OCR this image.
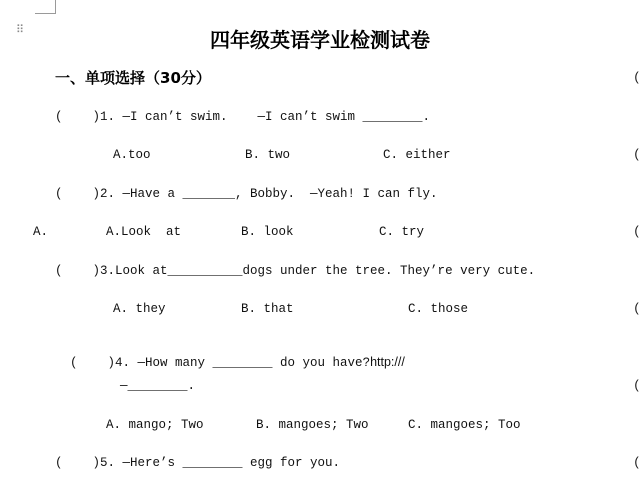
⠿	四年级英语学业检测试卷
一、单项选择（30分）
(    )1. —I can’t swim.    —I can’t swim ________.
A.too	B. two	C. either
(    )2. —Have a _______, Bobby.  —Yeah! I can fly.
A.	A.Look  at	B. look	C. try
(    )3.Look at__________dogs under the tree. They’re very cute.
A. they	B. that	C. those

(    )4. —How many ________ do you have?http:///

—________.
A. mango; Two	B. mangoes; Two	C. mangoes; Too
(    )5. —Here’s ________ egg for you.
(
(
(
(
(
(
